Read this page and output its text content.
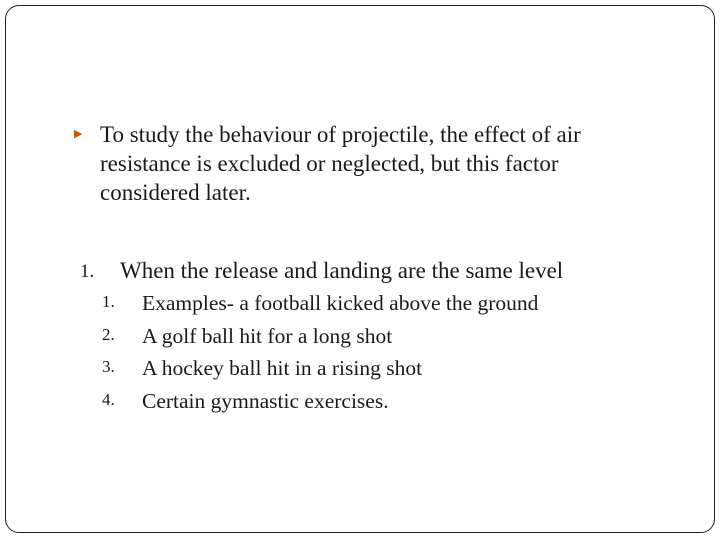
▶ To study the behaviour of projectile, the effect of air
resistance is excluded or neglected, but this factor
considered later.

1. When the release and landing are the same level
1. Examples- a football kicked above the ground
2. A golf ball hit for a long shot
3. A hockey ball hit in a rising shot
4. Certain gymnastic exercises.
